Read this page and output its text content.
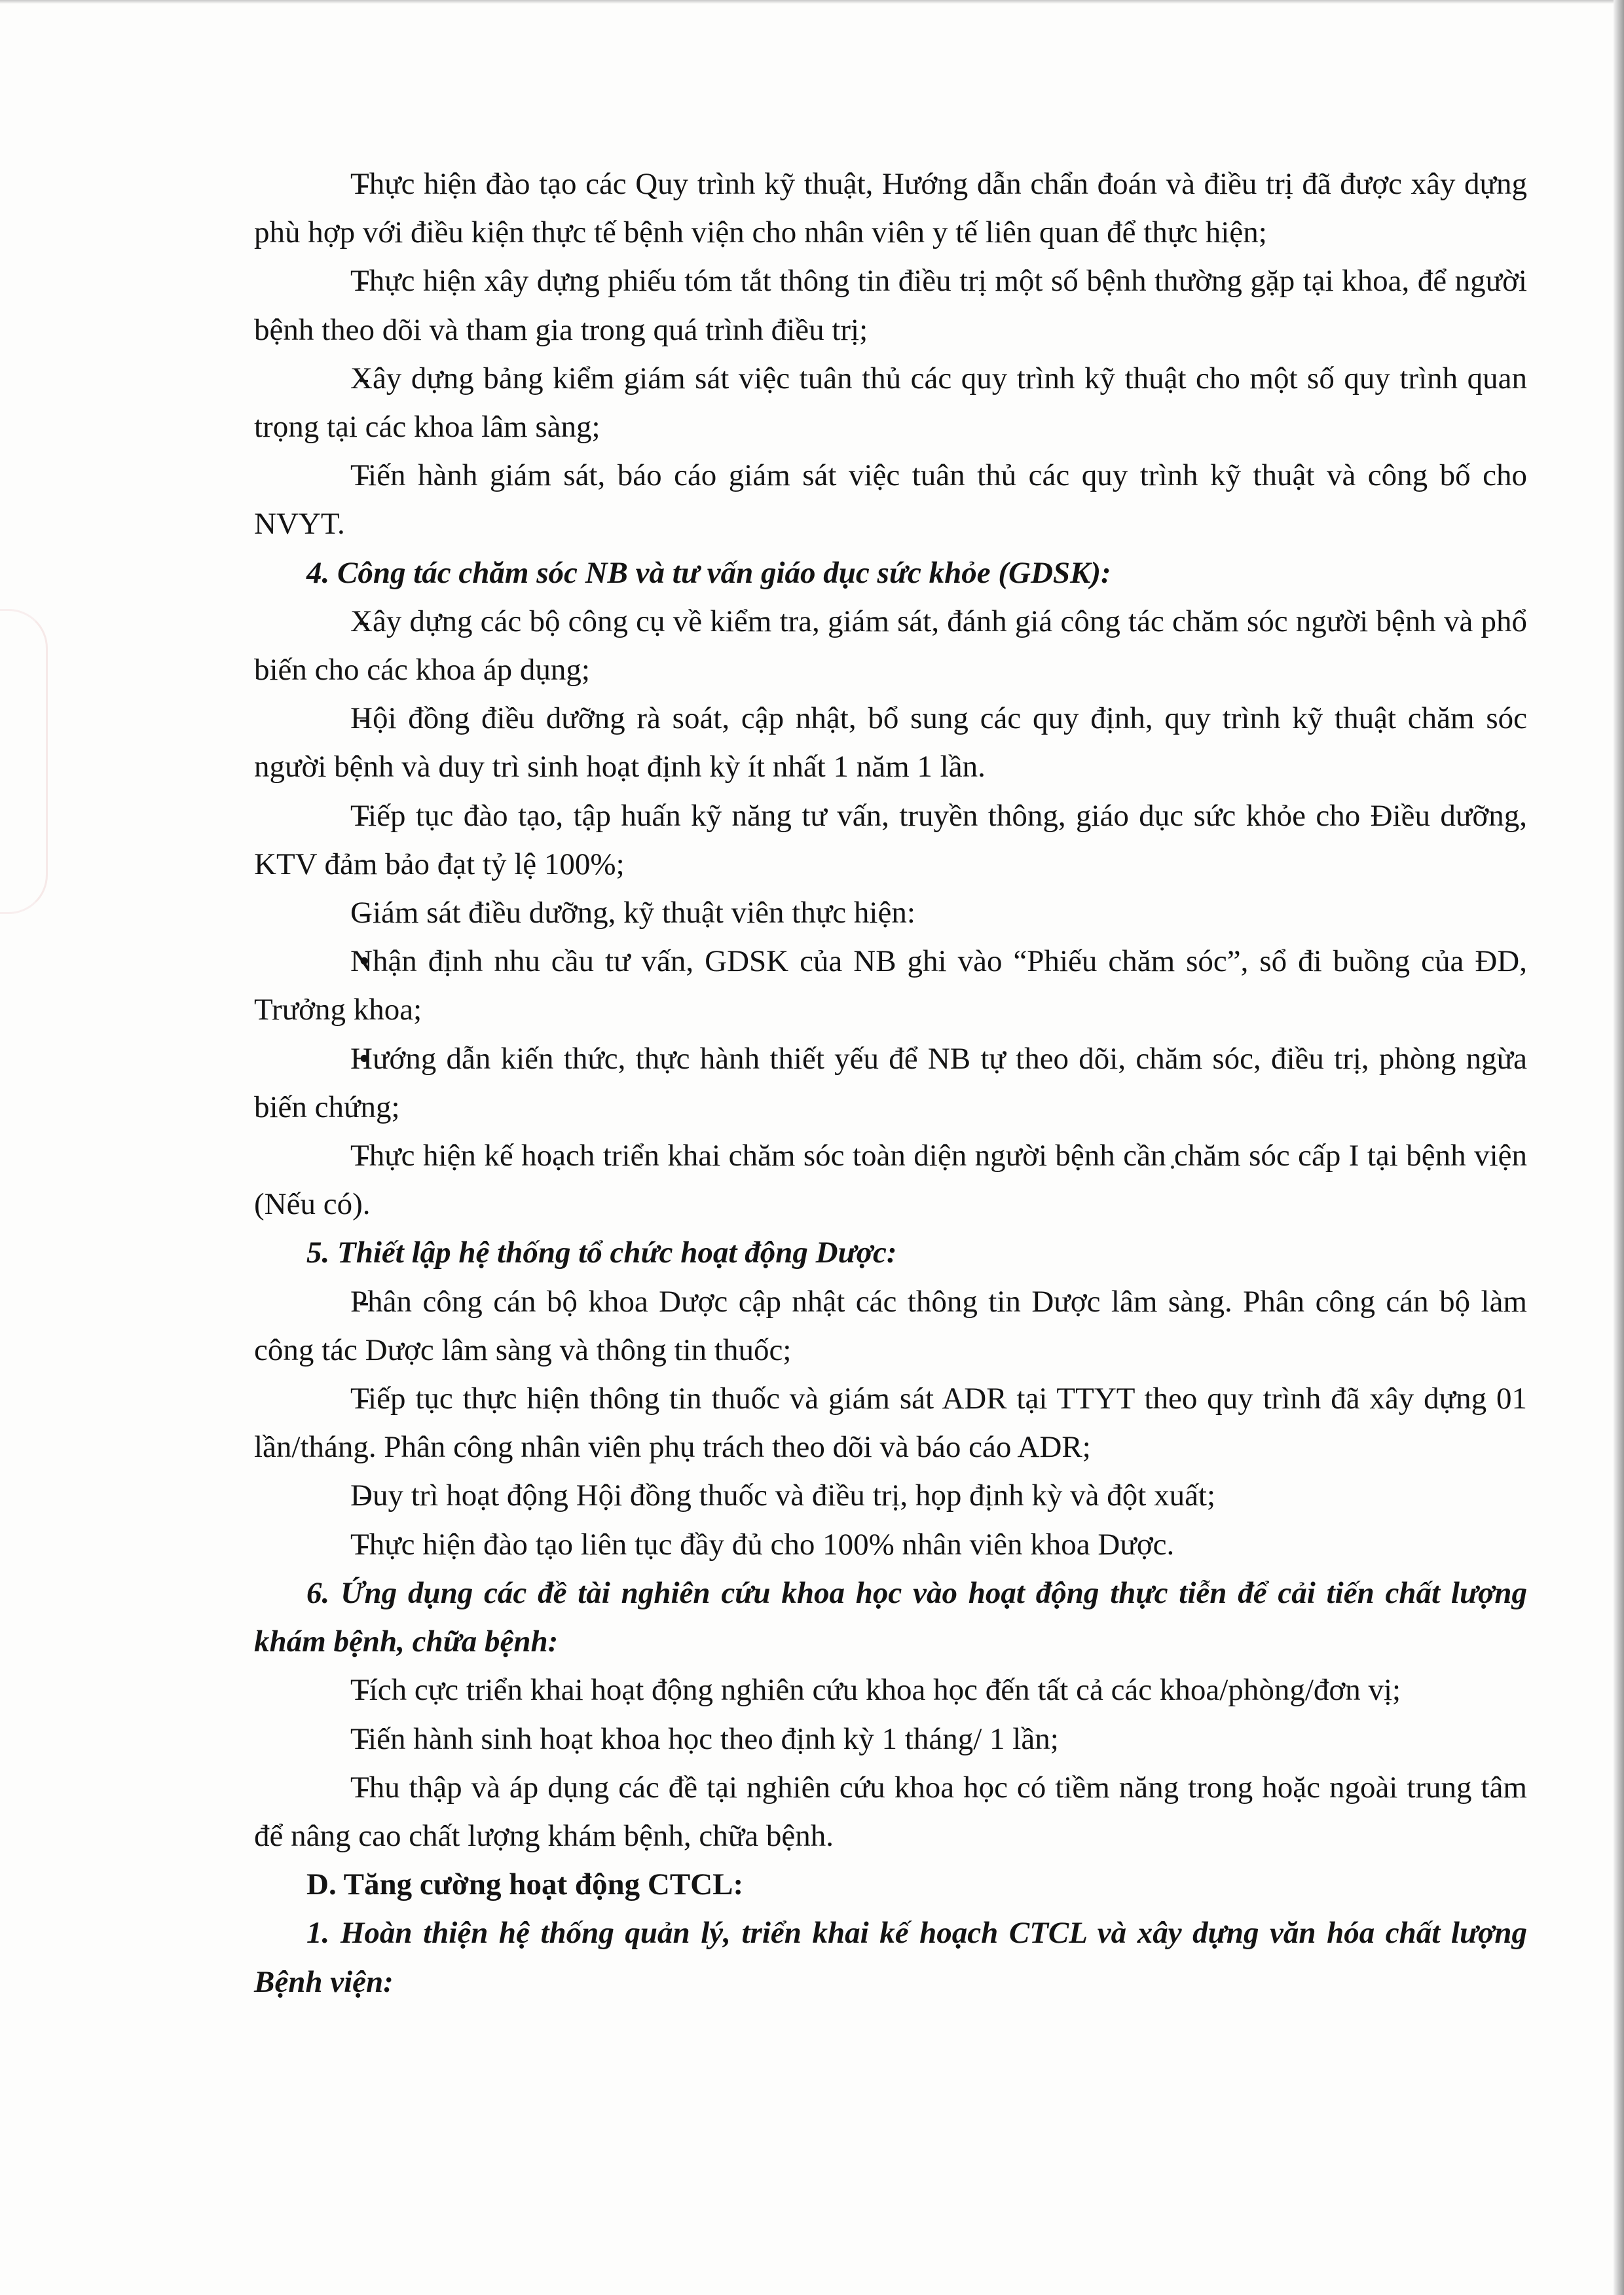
- Thực hiện đào tạo các Quy trình kỹ thuật, Hướng dẫn chẩn đoán và điều trị đã được xây dựng phù hợp với điều kiện thực tế bệnh viện cho nhân viên y tế liên quan để thực hiện;

- Thực hiện xây dựng phiếu tóm tắt thông tin điều trị một số bệnh thường gặp tại khoa, để người bệnh theo dõi và tham gia trong quá trình điều trị;

- Xây dựng bảng kiểm giám sát việc tuân thủ các quy trình kỹ thuật cho một số quy trình quan trọng tại các khoa lâm sàng;

- Tiến hành giám sát, báo cáo giám sát việc tuân thủ các quy trình kỹ thuật và công bố cho NVYT.

4. Công tác chăm sóc NB và tư vấn giáo dục sức khỏe (GDSK):

- Xây dựng các bộ công cụ về kiểm tra, giám sát, đánh giá công tác chăm sóc người bệnh và phổ biến cho các khoa áp dụng;

- Hội đồng điều dưỡng rà soát, cập nhật, bổ sung các quy định, quy trình kỹ thuật chăm sóc người bệnh và duy trì sinh hoạt định kỳ ít nhất 1 năm 1 lần.

- Tiếp tục đào tạo, tập huấn kỹ năng tư vấn, truyền thông, giáo dục sức khỏe cho Điều dưỡng, KTV đảm bảo đạt tỷ lệ 100%;

- Giám sát điều dưỡng, kỹ thuật viên thực hiện:

• Nhận định nhu cầu tư vấn, GDSK của NB ghi vào “Phiếu chăm sóc”, sổ đi buồng của ĐD, Trưởng khoa;

• Hướng dẫn kiến thức, thực hành thiết yếu để NB tự theo dõi, chăm sóc, điều trị, phòng ngừa biến chứng;

- Thực hiện kế hoạch triển khai chăm sóc toàn diện người bệnh cần chăm sóc cấp I tại bệnh viện (Nếu có).

5. Thiết lập hệ thống tổ chức hoạt động Dược:

- Phân công cán bộ khoa Dược cập nhật các thông tin Dược lâm sàng. Phân công cán bộ làm công tác Dược lâm sàng và thông tin thuốc;

- Tiếp tục thực hiện thông tin thuốc và giám sát ADR tại TTYT theo quy trình đã xây dựng 01 lần/tháng. Phân công nhân viên phụ trách theo dõi và báo cáo ADR;

- Duy trì hoạt động Hội đồng thuốc và điều trị, họp định kỳ và đột xuất;

- Thực hiện đào tạo liên tục đầy đủ cho 100% nhân viên khoa Dược.

6. Ứng dụng các đề tài nghiên cứu khoa học vào hoạt động thực tiễn để cải tiến chất lượng khám bệnh, chữa bệnh:

- Tích cực triển khai hoạt động nghiên cứu khoa học đến tất cả các khoa/phòng/đơn vị;

- Tiến hành sinh hoạt khoa học theo định kỳ 1 tháng/ 1 lần;

- Thu thập và áp dụng các đề tại nghiên cứu khoa học có tiềm năng trong hoặc ngoài trung tâm để nâng cao chất lượng khám bệnh, chữa bệnh.

D. Tăng cường hoạt động CTCL:

1. Hoàn thiện hệ thống quản lý, triển khai kế hoạch CTCL và xây dựng văn hóa chất lượng Bệnh viện:
